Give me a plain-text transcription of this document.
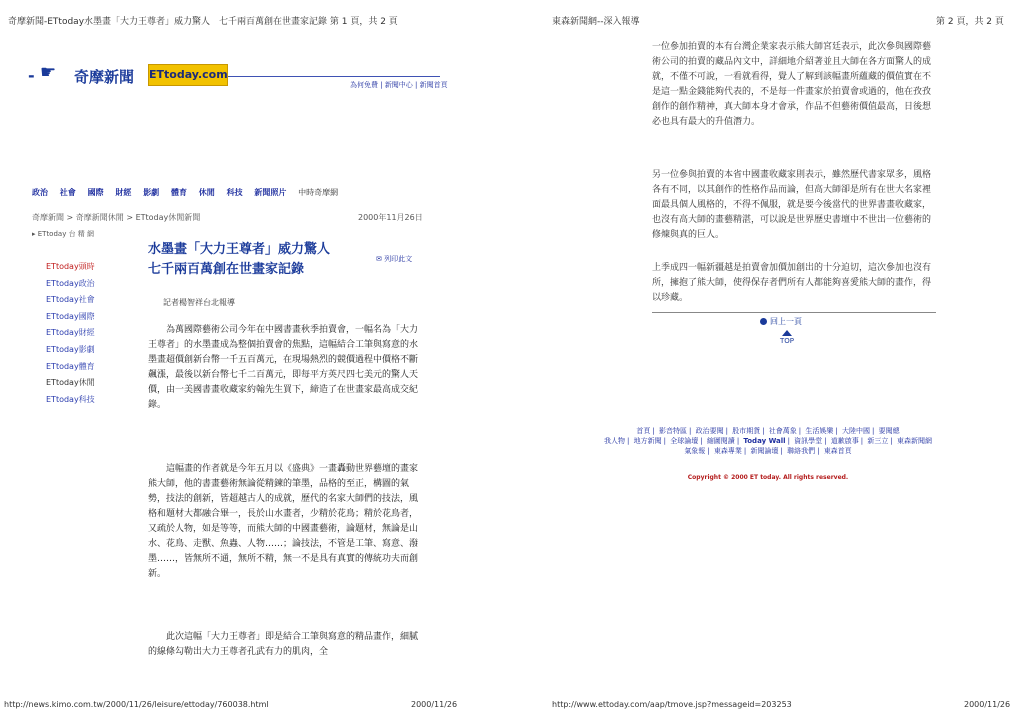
奇摩新聞-ETtoday水墨畫「大力王尊者」威力驚人　七千兩百萬創在世畫家記錄 第 1 頁，共 2 頁
- ☛ 奇摩新聞 ETtoday.com
為何免費 | 新聞中心 | 新聞首頁
政治 社會 國際 財經 影劇 體育 休閒 科技 新聞照片 中時奇摩網
奇摩新聞 > 奇摩新聞休閒 > ETtoday休閒新聞	2000年11月26日
▸ ETtoday 台 精 網
ETtoday頭時
ETtoday政治
ETtoday社會
ETtoday國際
ETtoday財經
ETtoday影劇
ETtoday體育
ETtoday休閒
ETtoday科技
水墨畫「大力王尊者」威力驚人
七千兩百萬創在世畫家記錄
✉ 列印此文
記者楊智祥台北報導
為萬國際藝術公司今年在中國書畫秋季拍賣會，一幅名為「大力王尊者」的水墨畫成為整個拍賣會的焦點，這幅結合工筆與寫意的水墨畫超價創新台幣一千五百萬元，在現場熱烈的競價過程中價格不斷飆漲，最後以新台幣七千二百萬元，即每平方英尺四七美元的驚人天價，由一美國書畫收藏家約翰先生買下，締造了在世畫家最高成交紀錄。
這幅畫的作者就是今年五月以《盛典》一畫轟動世界藝壇的畫家熊大師，他的書畫藝術無論從精鍊的筆墨，品格的至正，構圖的氣勢，技法的創新，皆超越古人的成就，歷代的名家大師們的技法，風格和題材大都融合畢一，長於山水畫者，少精於花鳥；精於花鳥者，又疏於人物，如是等等，而熊大師的中國畫藝術，論題材，無論是山水、花鳥、走獸、魚蟲、人物……；論技法，不管是工筆、寫意、潑墨……，皆無所不通，無所不精，無一不是具有真實的傳統功夫而創新。
此次這幅「大力王尊者」即是結合工筆與寫意的精品畫作，細膩的線條勾勒出大力王尊者孔武有力的肌肉，全
http://news.kimo.com.tw/2000/11/26/leisure/ettoday/760038.html	2000/11/26
東森新聞網--深入報導	第 2 頁，共 2 頁
一位參加拍賣的本有台灣企業家表示熊大師宮廷表示，此次參與國際藝術公司的拍賣的藏品內文中，詳細地介紹著並且大師在各方面驚人的成就，不僅不可說，一看就看得，覺人了解到該幅畫所蘊藏的價值實在不是這一點金錢能夠代表的，不是每一件畫家於拍賣會或過的，他在孜孜創作的創作精神，真大師本身才會承，作品不但藝術價值最高，日後想必也具有最大的升值潛力。
另一位參與拍賣的本省中國畫收藏家則表示，雖然歷代書家眾多，風格各有不同，以其創作的性格作品而論，但高大師卻是所有在世大名家裡面最具個人風格的，不得不佩服，就是要今後當代的世界書畫收藏家，也沒有高大師的畫藝精湛，可以說是世界歷史書壇中不世出一位藝術的修煉與真的巨人。
上季成四一幅新疆越是拍賣會加價加創出的十分迫切，這次參加也沒有所，擁抱了熊大師，使得保存者們所有人都能夠喜愛熊大師的畫作，得以珍藏。
回上一頁
TOP
首頁 | 影音特區 | 政治要聞 | 股市期貨 | 社會萬象 | 生活娛樂 | 大陸中國 | 要聞總
我人物 | 地方新聞 | 全球論壇 | 縮圖閱讀 | Today Wall | 資訊學堂 | 道歉啟事 | 新三立 | 東森新聞網
氣象報 | 東森專業 | 新聞論壇 | 聯絡我們 | 東森首頁
Copyright © 2000 ET today. All rights reserved.
http://www.ettoday.com/aap/tmove.jsp?messageid=203253	2000/11/26
